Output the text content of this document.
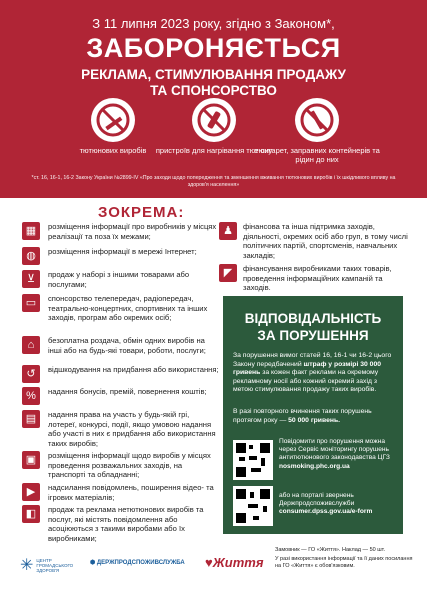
З 11 липня 2023 року, згідно з Законом*,
ЗАБОРОНЯЄТЬСЯ
РЕКЛАМА, СТИМУЛЮВАННЯ ПРОДАЖУ
ТА СПОНСОРСТВО
тютюнових виробів	пристроїв для нагрівання тютюну
е-сигарет, заправних контейнерів та рідин до них
*ст. 16, 16-1, 16-2 Закону України №2899-IV «Про заходи щодо попередження та зменшення вживання тютюнових виробів і їх шкідливого впливу на здоров'я населення»
ЗОКРЕМА:
▦	розміщення інформації про виробників у місцях реалізації та поза їх межами;
◍	розміщення інформації в мережі Інтернет;
⊻	продаж у наборі з іншими товарами або послугами;
▭	спонсорство телепередач, радіопередач, театрально-концертних, спортивних та інших заходів, програм або окремих осіб;
⌂	безоплатна роздача, обмін одних виробів на інші або на будь-які товари, роботи, послуги;
↺	відшкодування на придбання або використання;
%	надання бонусів, премій, повернення коштів;
▤	надання права на участь у будь-якій грі, лотереї, конкурсі, події, якщо умовою надання або участі в них є придбання або використання таких виробів;
▣	розміщення інформації щодо виробів у місцях проведення розважальних заходів, на транспорті та обладнанні;
▶	надсилання повідомлень, поширення відео- та ігрових матеріалів;
◧	продаж та реклама нетютюнових виробів та послуг, які містять повідомлення або асоціюються з такими виробами або їх виробниками;
♟	фінансова та інша підтримка заходів, діяльності, окремих осіб або груп, в тому числі політичних партій, спортсменів, навчальних закладів;
◤	фінансування виробниками таких товарів, проведення інформаційних кампаній та заходів.
ВІДПОВІДАЛЬНІСТЬ
ЗА ПОРУШЕННЯ
За порушення вимог статей 16, 16-1 чи 16-2 цього Закону передбачений штраф у розмірі 30 000 гривень за кожен факт реклами на окремому рекламному носії або кожний окремий захід з метою стимулювання продажу таких виробів.
В разі повторного вчинення таких порушень протягом року — 50 000 гривень.
Повідомити про порушення можна через Сервіс моніторингу порушень антитютюнового законодавства ЦГЗ nosmoking.phc.org.ua
або на порталі звернень Держпродспоживслужби consumer.dpss.gov.ua/e-form
✳ ЦЕНТР ГРОМАДСЬКОГО ЗДОРОВ'Я
⬢ ДЕРЖПРОДСПОЖИВСЛУЖБА ♥Життя
Замовник — ГО «Життя». Наклад — 50 шт.
У разі використання інформації та її даних посилання на ГО «Життя» є обов'язковим.
